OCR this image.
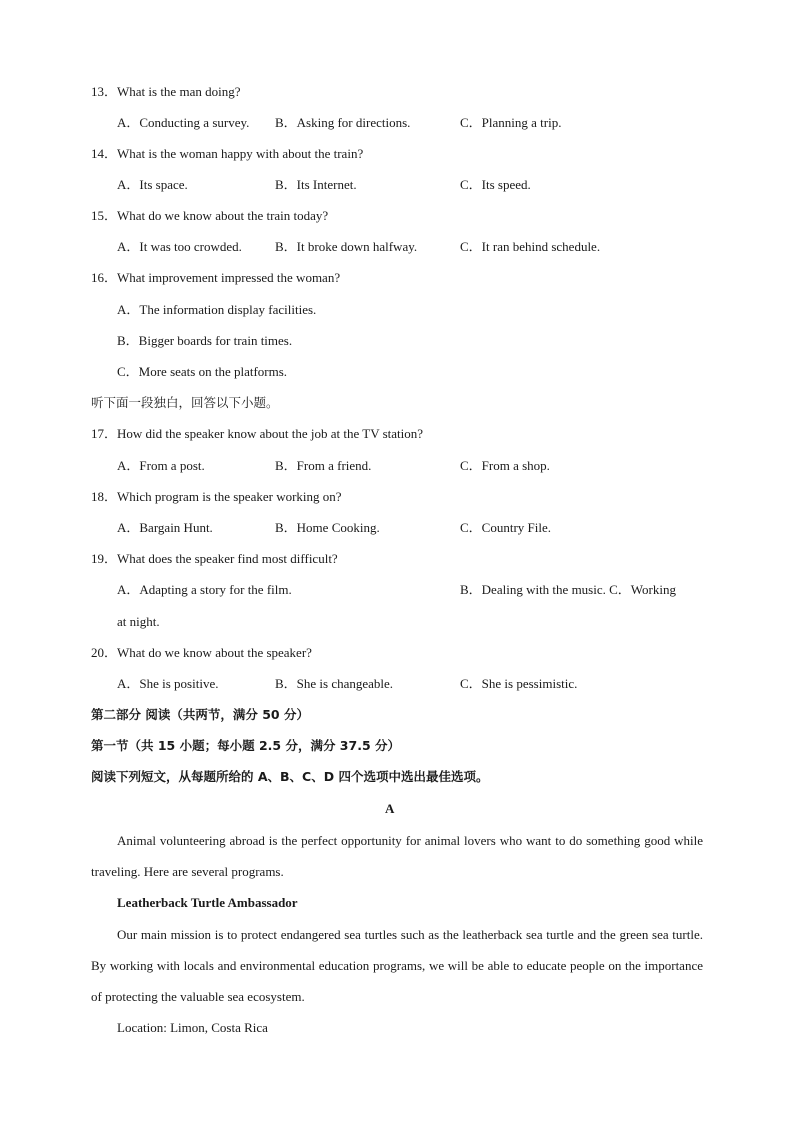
13．What is the man doing?
A．Conducting a survey. B．Asking for directions.	C．Planning a trip.
14．What is the woman happy with about the train?
A．Its space.	B．Its Internet.	C．Its speed.
15．What do we know about the train today?
A．It was too crowded.	B．It broke down halfway.	C．It ran behind schedule.
16．What improvement impressed the woman?
A．The information display facilities.
B．Bigger boards for train times.
C．More seats on the platforms.
听下面一段独白，回答以下小题。
17．How did the speaker know about the job at the TV station?
A．From a post.	B．From a friend.	C．From a shop.
18．Which program is the speaker working on?
A．Bargain Hunt.	B．Home Cooking.	C．Country File.
19．What does the speaker find most difficult?
A．Adapting a story for the film.	B．Dealing with the music. C．Working
at night.
20．What do we know about the speaker?
A．She is positive.	B．She is changeable.	C．She is pessimistic.
第二部分 阅读（共两节，满分 50 分）
第一节（共 15 小题；每小题 2.5 分，满分 37.5 分）
阅读下列短文，从每题所给的 A、B、C、D 四个选项中选出最佳选项。
A
Animal volunteering abroad is the perfect opportunity for animal lovers who want to do something good while traveling. Here are several programs.
Leatherback Turtle Ambassador
Our main mission is to protect endangered sea turtles such as the leatherback sea turtle and the green sea turtle. By working with locals and environmental education programs, we will be able to educate people on the importance of protecting the valuable sea ecosystem.
Location: Limon, Costa Rica
